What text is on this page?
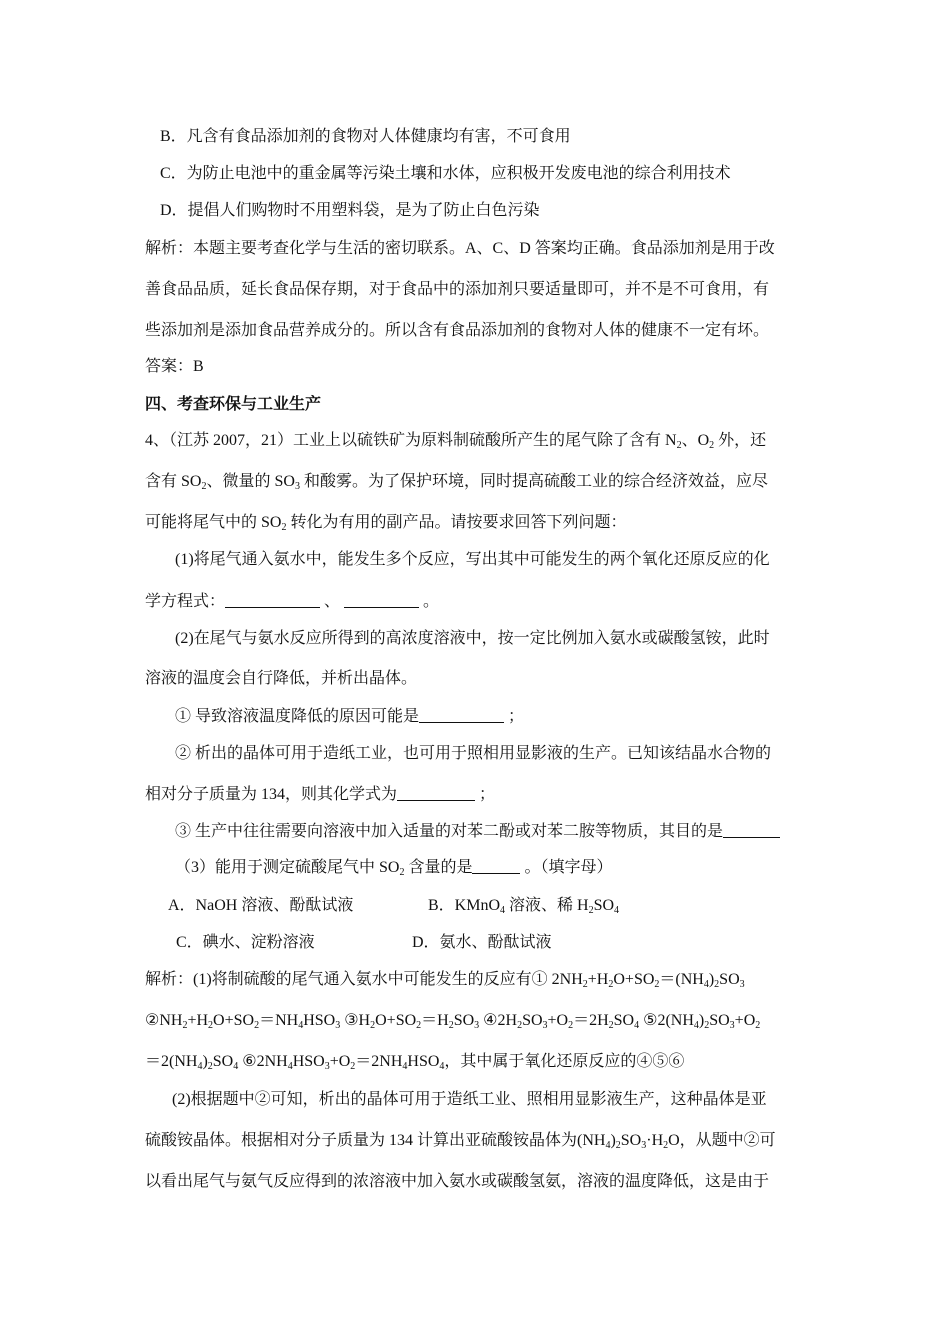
B．凡含有食品添加剂的食物对人体健康均有害，不可食用
C．为防止电池中的重金属等污染土壤和水体，应积极开发废电池的综合利用技术
D．提倡人们购物时不用塑料袋，是为了防止白色污染
解析：本题主要考查化学与生活的密切联系。A、C、D 答案均正确。食品添加剂是用于改
善食品品质，延长食品保存期，对于食品中的添加剂只要适量即可，并不是不可食用，有
些添加剂是添加食品营养成分的。所以含有食品添加剂的食物对人体的健康不一定有坏。
答案：B
四、考查环保与工业生产
4、（江苏 2007，21）工业上以硫铁矿为原料制硫酸所产生的尾气除了含有 $N_2$、$O_2$ 外，还
含有 $SO_2$、微量的 $SO_3$ 和酸雾。为了保护环境，同时提高硫酸工业的综合经济效益，应尽
可能将尾气中的 $SO_2$ 转化为有用的副产品。请按要求回答下列问题：
(1)将尾气通入氨水中，能发生多个反应，写出其中可能发生的两个氧化还原反应的化
学方程式：	、	。
(2)在尾气与氨水反应所得到的高浓度溶液中，按一定比例加入氨水或碳酸氢铵，此时
溶液的温度会自行降低，并析出晶体。
① 导致溶液温度降低的原因可能是	；
② 析出的晶体可用于造纸工业，也可用于照相用显影液的生产。已知该结晶水合物的
相对分子质量为 134，则其化学式为	；
③ 生产中往往需要向溶液中加入适量的对苯二酚或对苯二胺等物质，其目的是
（3）能用于测定硫酸尾气中 $SO_2$ 含量的是	。（填字母）
A．NaOH 溶液、酚酞试液	B．KMnO$_4$ 溶液、稀 $H_2SO_4$
C．碘水、淀粉溶液	D．氨水、酚酞试液
解析：(1)将制硫酸的尾气通入氨水中可能发生的反应有① $2NH_2+H_2O+SO_2=(NH_4)_2SO_3$
$②NH_2+H_2O+SO_2=NH_4HSO_3$ $③H_2O+SO_2=H_2SO_3$ $④2H_2SO_3+O_2=2H_2SO_4$ $⑤2(NH_4)_2SO_3+O_2$
$=2(NH_4)_2SO_4$ $⑥2NH_4HSO_3+O_2=2NH_4HSO_4$，其中属于氧化还原反应的④⑤⑥
(2)根据题中②可知，析出的晶体可用于造纸工业、照相用显影液生产，这种晶体是亚
硫酸铵晶体。根据相对分子质量为 134 计算出亚硫酸铵晶体为$(NH_4)_2SO_3\cdot H_2O$，从题中②可
以看出尾气与氨气反应得到的浓溶液中加入氨水或碳酸氢氨，溶液的温度降低，这是由于
